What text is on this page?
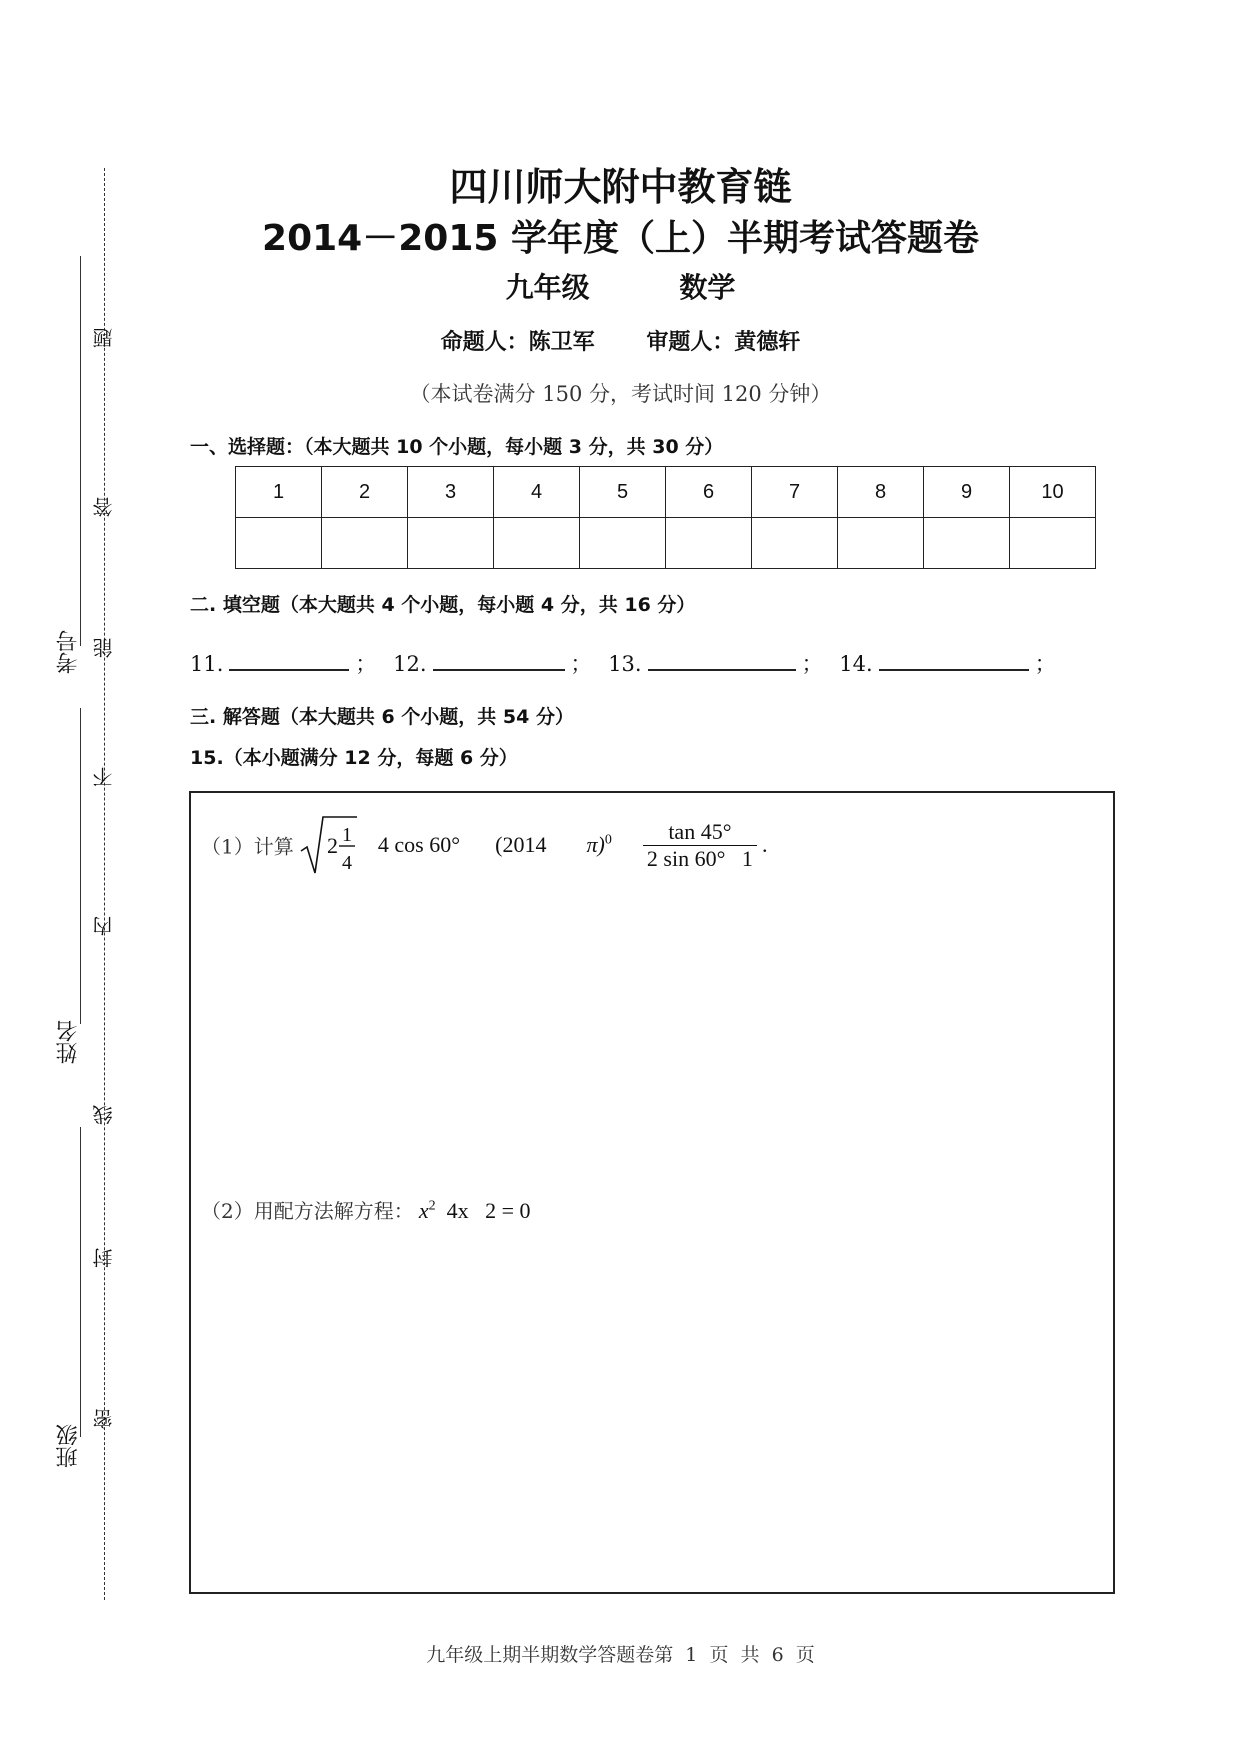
题
答
能
不
内
线
封
密
考号
姓名
班级
四川师大附中教育链
2014－2015 学年度（上）半期考试答题卷
九年级	数学
命题人：陈卫军 审题人：黄德轩
（本试卷满分 150 分，考试时间 120 分钟）
一、选择题：（本大题共 10 个小题，每小题 3 分，共 30 分）
1	2	3	4	5	6	7	8	9	10

二. 填空题（本大题共 4 个小题，每小题 4 分，共 16 分）
11.	； 12.	； 13.	； 14.	；
三. 解答题（本大题共 6 个小题，共 54 分）
15.（本小题满分 12 分，每题 6 分）
（1）计算 2 1
4
4 cos 60° (2014 $\pi)^0 \frac{\tan 45^\circ}{2 \sin 60^\circ 1}$ .
（2）用配方法解方程： $x^2$  4x   2 = 0
九年级上期半期数学答题卷第  1  页  共  6  页
